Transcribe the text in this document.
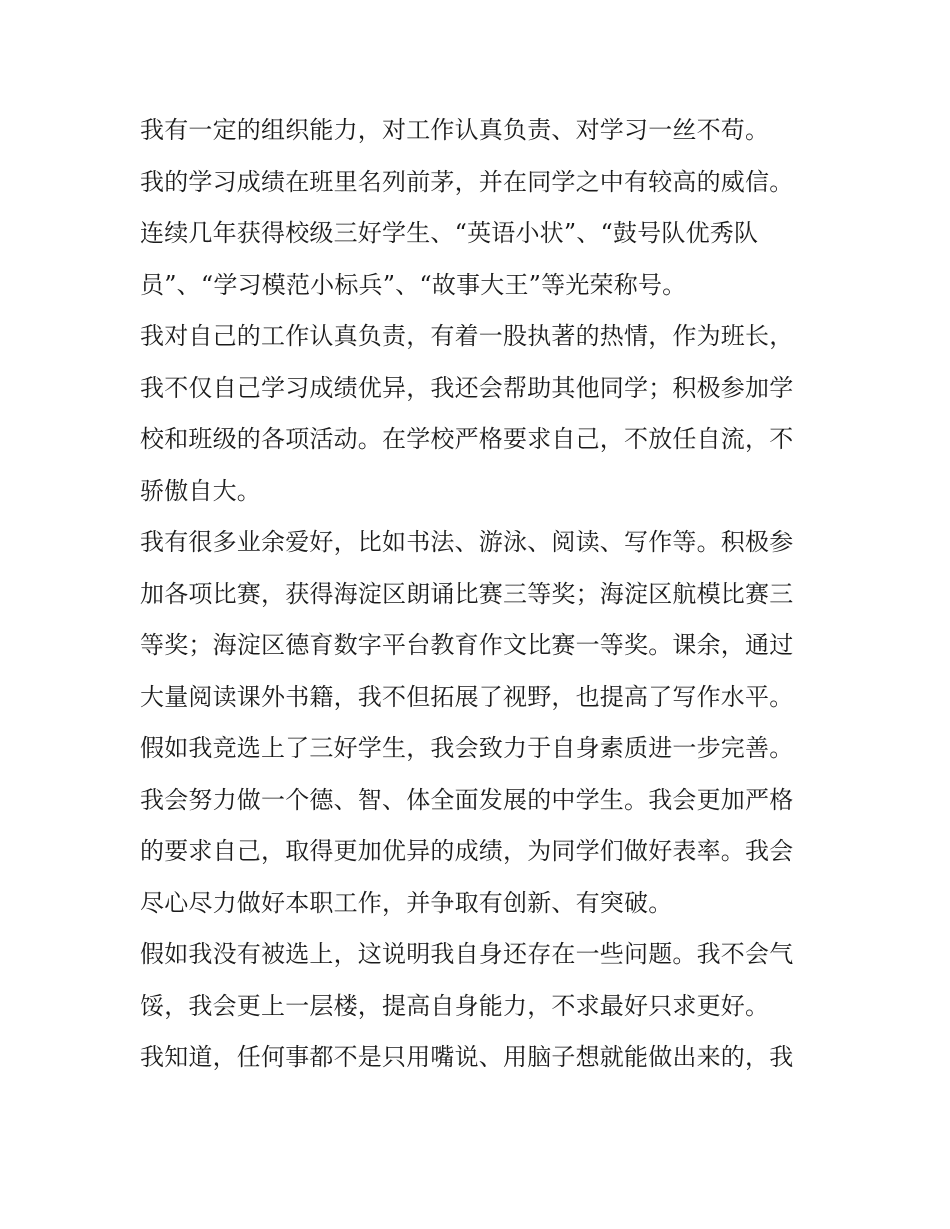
我有一定的组织能力，对工作认真负责、对学习一丝不苟。
我的学习成绩在班里名列前茅，并在同学之中有较高的威信。
连续几年获得校级三好学生、“英语小状”、“鼓号队优秀队
员”、“学习模范小标兵”、“故事大王”等光荣称号。
我对自己的工作认真负责，有着一股执著的热情，作为班长，
我不仅自己学习成绩优异，我还会帮助其他同学；积极参加学
校和班级的各项活动。在学校严格要求自己，不放任自流，不
骄傲自大。
我有很多业余爱好，比如书法、游泳、阅读、写作等。积极参
加各项比赛，获得海淀区朗诵比赛三等奖；海淀区航模比赛三
等奖；海淀区德育数字平台教育作文比赛一等奖。课余，通过
大量阅读课外书籍，我不但拓展了视野，也提高了写作水平。
假如我竞选上了三好学生，我会致力于自身素质进一步完善。
我会努力做一个德、智、体全面发展的中学生。我会更加严格
的要求自己，取得更加优异的成绩，为同学们做好表率。我会
尽心尽力做好本职工作，并争取有创新、有突破。
假如我没有被选上，这说明我自身还存在一些问题。我不会气
馁，我会更上一层楼，提高自身能力，不求最好只求更好。
我知道，任何事都不是只用嘴说、用脑子想就能做出来的，我
